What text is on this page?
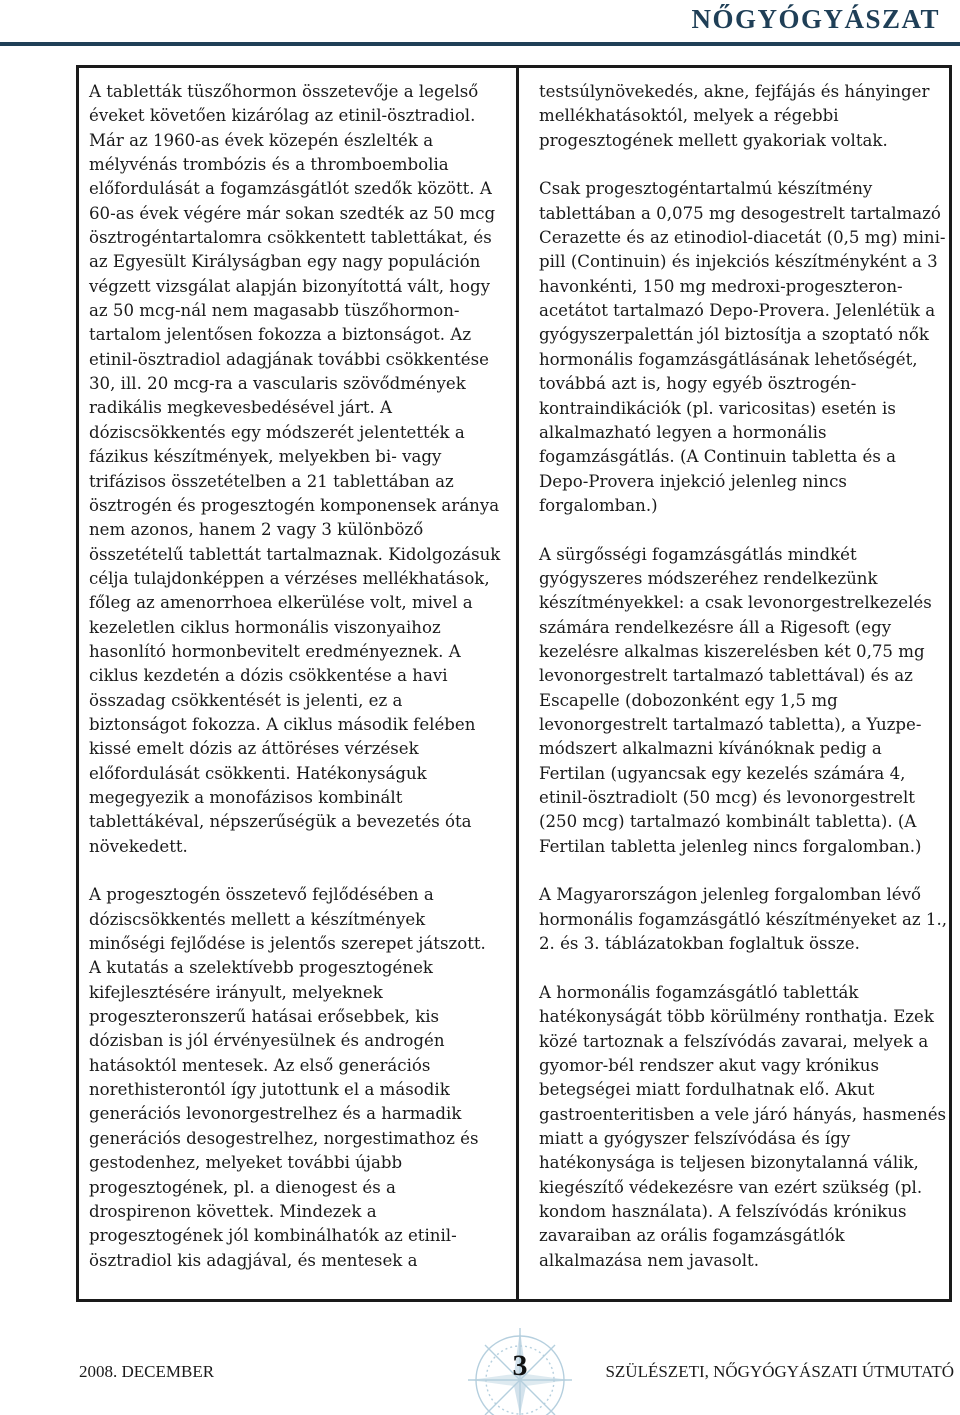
NŐGYÓGYÁSZAT

A tabletták tüszőhormon összetevője a legelső éveket követően kizárólag az etinil-ösztradiol. Már az 1960-as évek közepén észlelték a mélyvénás trombózis és a thromboembolia előfordulását a fogamzásgátlót szedők között. A 60-as évek végére már sokan szedték az 50 mcg ösztrogéntartalomra csökkentett tablettákat, és az Egyesült Királyságban egy nagy populáción végzett vizsgálat alapján bizonyítottá vált, hogy az 50 mcg-nál nem magasabb tüszőhormon-tartalom jelentősen fokozza a biztonságot. Az etinil-ösztradiol adagjának további csökkentése 30, ill. 20 mcg-ra a vascularis szövődmények radikális megkevesbedésével járt. A dóziscsökkentés egy módszerét jelentették a fázikus készítmények, melyekben bi- vagy trifázisos összetételben a 21 tablettában az ösztrogén és progesztogén komponensek aránya nem azonos, hanem 2 vagy 3 különböző összetételű tablettát tartalmaznak. Kidolgozásuk célja tulajdonképpen a vérzéses mellékhatások, főleg az amenorrhoea elkerülése volt, mivel a kezeletlen ciklus hormonális viszonyaihoz hasonlító hormonbevitelt eredményeznek. A ciklus kezdetén a dózis csökkentése a havi összadag csökkentését is jelenti, ez a biztonságot fokozza. A ciklus második felében kissé emelt dózis az áttöréses vérzések előfordulását csökkenti. Hatékonyságuk megegyezik a monofázisos kombinált tablettákéval, népszerűségük a bevezetés óta növekedett.

A progesztogén összetevő fejlődésében a dóziscsökkentés mellett a készítmények minőségi fejlődése is jelentős szerepet játszott. A kutatás a szelektívebb progesztogének kifejlesztésére irányult, melyeknek progeszteronszerű hatásai erősebbek, kis dózisban is jól érvényesülnek és androgén hatásoktól mentesek. Az első generációs norethisterontól így jutottunk el a második generációs levonorgestrelhez és a harmadik generációs desogestrelhez, norgestimathoz és gestodenhez, melyeket további újabb progesztogének, pl. a dienogest és a drospirenon követtek. Mindezek a progesztogének jól kombinálhatók az etinil-ösztradiol kis adagjával, és mentesek a

testsúlynövekedés, akne, fejfájás és hányinger mellékhatásoktól, melyek a régebbi progesztogének mellett gyakoriak voltak.

Csak progesztogéntartalmú készítmény tablettában a 0,075 mg desogestrelt tartalmazó Cerazette és az etinodiol-diacetát (0,5 mg) mini-pill (Continuin) és injekciós készítményként a 3 havonkénti, 150 mg medroxi-progeszteron-acetátot tartalmazó Depo-Provera. Jelenlétük a gyógyszerpalettán jól biztosítja a szoptató nők hormonális fogamzásgátlásának lehetőségét, továbbá azt is, hogy egyéb ösztrogén-kontraindikációk (pl. varicositas) esetén is alkalmazható legyen a hormonális fogamzásgátlás. (A Continuin tabletta és a Depo-Provera injekció jelenleg nincs forgalomban.)

A sürgősségi fogamzásgátlás mindkét gyógyszeres módszeréhez rendelkezünk készítményekkel: a csak levonorgestrelkezelés számára rendelkezésre áll a Rigesoft (egy kezelésre alkalmas kiszerelésben két 0,75 mg levonorgestrelt tartalmazó tablettával) és az Escapelle (dobozonként egy 1,5 mg levonorgestrelt tartalmazó tabletta), a Yuzpe-módszert alkalmazni kívánóknak pedig a Fertilan (ugyancsak egy kezelés számára 4, etinil-ösztradiolt (50 mcg) és levonorgestrelt (250 mcg) tartalmazó kombinált tabletta). (A Fertilan tabletta jelenleg nincs forgalomban.)

A Magyarországon jelenleg forgalomban lévő hormonális fogamzásgátló készítményeket az 1., 2. és 3. táblázatokban foglaltuk össze.

A hormonális fogamzásgátló tabletták hatékonyságát több körülmény ronthatja. Ezek közé tartoznak a felszívódás zavarai, melyek a gyomor-bél rendszer akut vagy krónikus betegségei miatt fordulhatnak elő. Akut gastroenteritisben a vele járó hányás, hasmenés miatt a gyógyszer felszívódása és így hatékonysága is teljesen bizonytalanná válik, kiegészítő védekezésre van ezért szükség (pl. kondom használata). A felszívódás krónikus zavaraiban az orális fogamzásgátlók alkalmazása nem javasolt.

2008. DECEMBER	3	SZÜLÉSZETI, NŐGYÓGYÁSZATI ÚTMUTATÓ
